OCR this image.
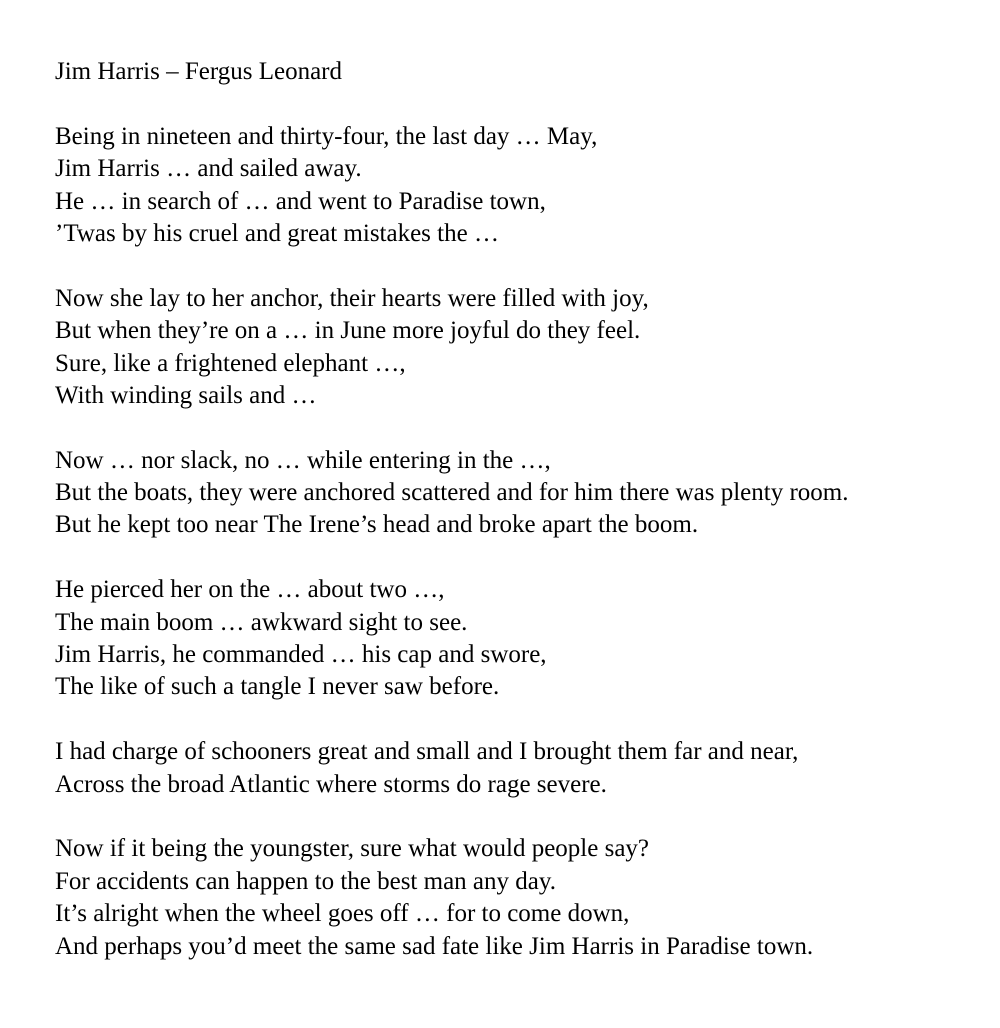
Jim Harris – Fergus Leonard
Being in nineteen and thirty-four, the last day … May,
Jim Harris … and sailed away.
He … in search of … and went to Paradise town,
’Twas by his cruel and great mistakes the …
Now she lay to her anchor, their hearts were filled with joy,
But when they’re on a … in June more joyful do they feel.
Sure, like a frightened elephant …,
With winding sails and …
Now … nor slack, no … while entering in the …,
But the boats, they were anchored scattered and for him there was plenty room.
But he kept too near The Irene’s head and broke apart the boom.
He pierced her on the … about two …,
The main boom … awkward sight to see.
Jim Harris, he commanded … his cap and swore,
The like of such a tangle I never saw before.
I had charge of schooners great and small and I brought them far and near,
Across the broad Atlantic where storms do rage severe.
Now if it being the youngster, sure what would people say?
For accidents can happen to the best man any day.
It’s alright when the wheel goes off … for to come down,
And perhaps you’d meet the same sad fate like Jim Harris in Paradise town.
